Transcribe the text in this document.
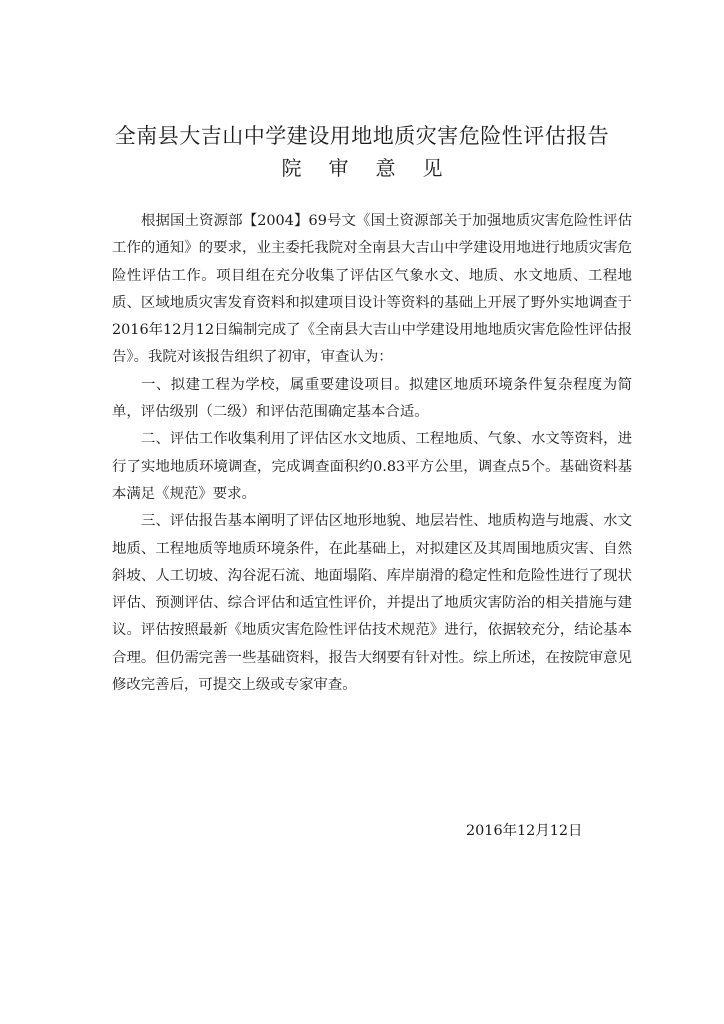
全南县大吉山中学建设用地地质灾害危险性评估报告
院审意见

根据国土资源部【2004】69号文《国土资源部关于加强地质灾害危险性评估工作的通知》的要求，业主委托我院对全南县大吉山中学建设用地进行地质灾害危险性评估工作。项目组在充分收集了评估区气象水文、地质、水文地质、工程地质、区域地质灾害发育资料和拟建项目设计等资料的基础上开展了野外实地调查于2016年12月12日编制完成了《全南县大吉山中学建设用地地质灾害危险性评估报告》。我院对该报告组织了初审，审查认为：

一、拟建工程为学校，属重要建设项目。拟建区地质环境条件复杂程度为简单，评估级别（二级）和评估范围确定基本合适。

二、评估工作收集利用了评估区水文地质、工程地质、气象、水文等资料，进行了实地地质环境调查，完成调查面积约0.83平方公里，调查点5个。基础资料基本满足《规范》要求。

三、评估报告基本阐明了评估区地形地貌、地层岩性、地质构造与地震、水文地质、工程地质等地质环境条件，在此基础上，对拟建区及其周围地质灾害、自然斜坡、人工切坡、沟谷泥石流、地面塌陷、库岸崩滑的稳定性和危险性进行了现状评估、预测评估、综合评估和适宜性评价，并提出了地质灾害防治的相关措施与建议。评估按照最新《地质灾害危险性评估技术规范》进行，依据较充分，结论基本合理。但仍需完善一些基础资料，报告大纲要有针对性。综上所述，在按院审意见修改完善后，可提交上级或专家审查。

2016年12月12日
